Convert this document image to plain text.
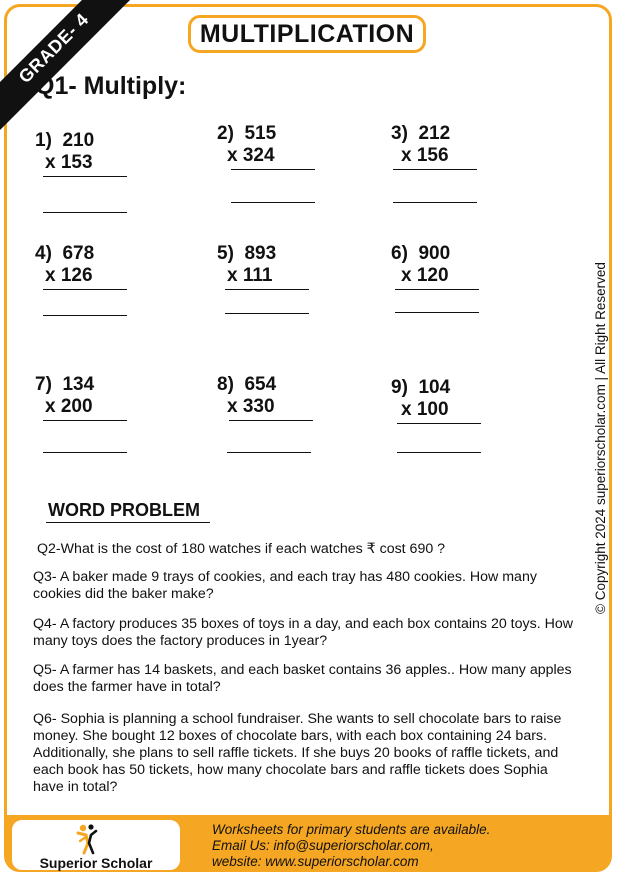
GRADE- 4	MULTIPLICATION
Q1- Multiply:
1) 210
x 153
2) 515
x 324
3) 212
x 156
4) 678
x 126
5) 893
x 111
6) 900
x 120
7) 134
x 200
8) 654
x 330
9) 104
x 100
WORD PROBLEM
Q2-What is the cost of 180 watches if each watches ₹ cost 690 ?
Q3- A baker made 9 trays of cookies, and each tray has 480 cookies. How many cookies did the baker make?
Q4- A factory produces 35 boxes of toys in a day, and each box contains 20 toys. How many toys does the factory produces in 1year?
Q5- A farmer has 14 baskets, and each basket contains 36 apples.. How many apples does the farmer have in total?
Q6- Sophia is planning a school fundraiser. She wants to sell chocolate bars to raise money. She bought 12 boxes of chocolate bars, with each box containing 24 bars. Additionally, she plans to sell raffle tickets. If she buys 20 books of raffle tickets, and each book has 50 tickets, how many chocolate bars and raffle tickets does Sophia have in total?
© Copyright 2024 superiorscholar.com | All Right Reserved
Superior Scholar
Worksheets for primary students are available.
Email Us: info@superiorscholar.com,
website: www.superiorscholar.com
